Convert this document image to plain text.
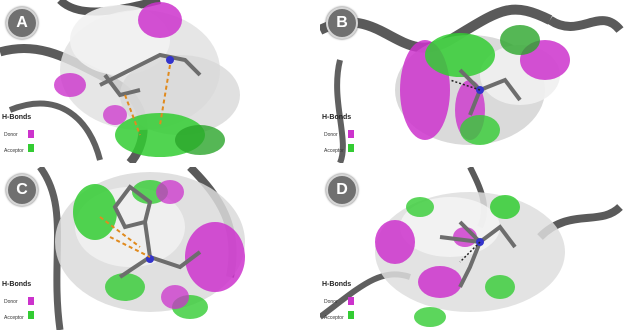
A
H-Bonds
Donor
Acceptor
B
H-Bonds
Donor
Acceptor
C
H-Bonds
Donor
Acceptor
D
H-Bonds
Donor
Acceptor
